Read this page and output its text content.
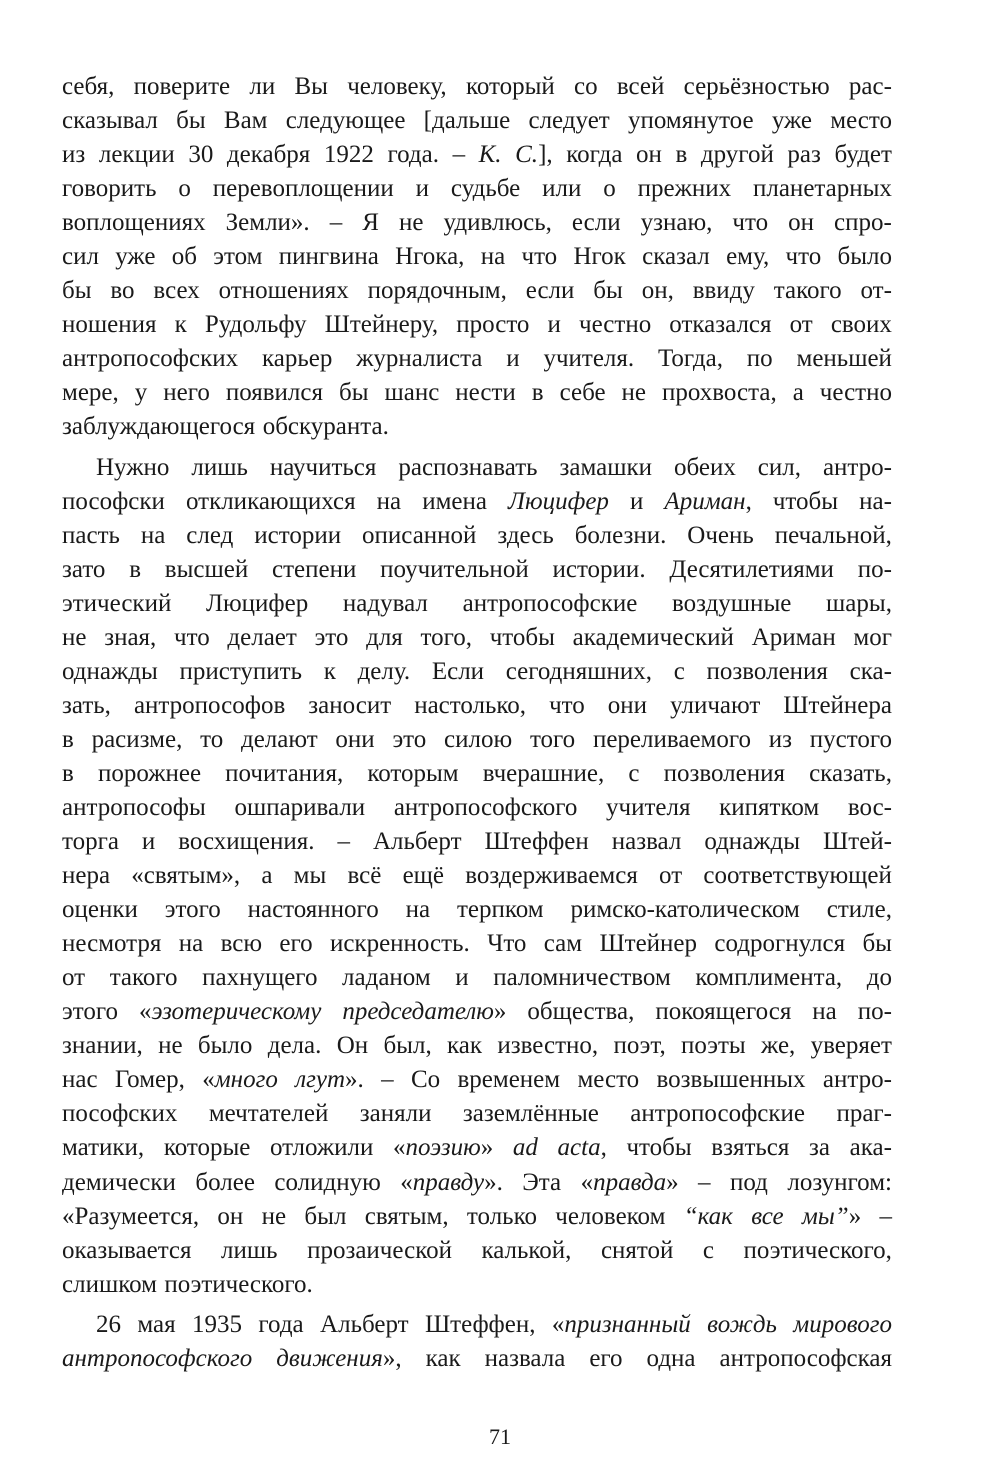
себя, поверите ли Вы человеку, который со всей серьёзностью рас-
сказывал бы Вам следующее [дальше следует упомянутое уже место
из лекции 30 декабря 1922 года. – К. С.], когда он в другой раз будет
говорить о перевоплощении и судьбе или о прежних планетарных
воплощениях Земли». – Я не удивлюсь, если узнаю, что он спро-
сил уже об этом пингвина Нгока, на что Нгок сказал ему, что было
бы во всех отношениях порядочным, если бы он, ввиду такого от-
ношения к Рудольфу Штейнеру, просто и честно отказался от своих
антропософских карьер журналиста и учителя. Тогда, по меньшей
мере, у него появился бы шанс нести в себе не прохвоста, а честно
заблуждающегося обскуранта.
Нужно лишь научиться распознавать замашки обеих сил, антро-
пософски откликающихся на имена Люцифер и Ариман, чтобы на-
пасть на след истории описанной здесь болезни. Очень печальной,
зато в высшей степени поучительной истории. Десятилетиями по-
этический Люцифер надувал антропософские воздушные шары,
не зная, что делает это для того, чтобы академический Ариман мог
однажды приступить к делу. Если сегодняшних, с позволения ска-
зать, антропософов заносит настолько, что они уличают Штейнера
в расизме, то делают они это силою того переливаемого из пустого
в порожнее почитания, которым вчерашние, с позволения сказать,
антропософы ошпаривали антропософского учителя кипятком вос-
торга и восхищения. – Альберт Штеффен назвал однажды Штей-
нера «святым», а мы всё ещё воздерживаемся от соответствующей
оценки этого настоянного на терпком римско-католическом стиле,
несмотря на всю его искренность. Что сам Штейнер содрогнулся бы
от такого пахнущего ладаном и паломничеством комплимента, до
этого «эзотерическому председателю» общества, покоящегося на по-
знании, не было дела. Он был, как известно, поэт, поэты же, уверяет
нас Гомер, «много лгут». – Со временем место возвышенных антро-
пософских мечтателей заняли заземлённые антропософские праг-
матики, которые отложили «поэзию» ad acta, чтобы взяться за ака-
демически более солидную «правду». Эта «правда» – под лозунгом:
«Разумеется, он не был святым, только человеком “как все мы”» –
оказывается лишь прозаической калькой, снятой с поэтического,
слишком поэтического.
26 мая 1935 года Альберт Штеффен, «признанный вождь мирового
антропософского движения», как назвала его одна антропософская
71
